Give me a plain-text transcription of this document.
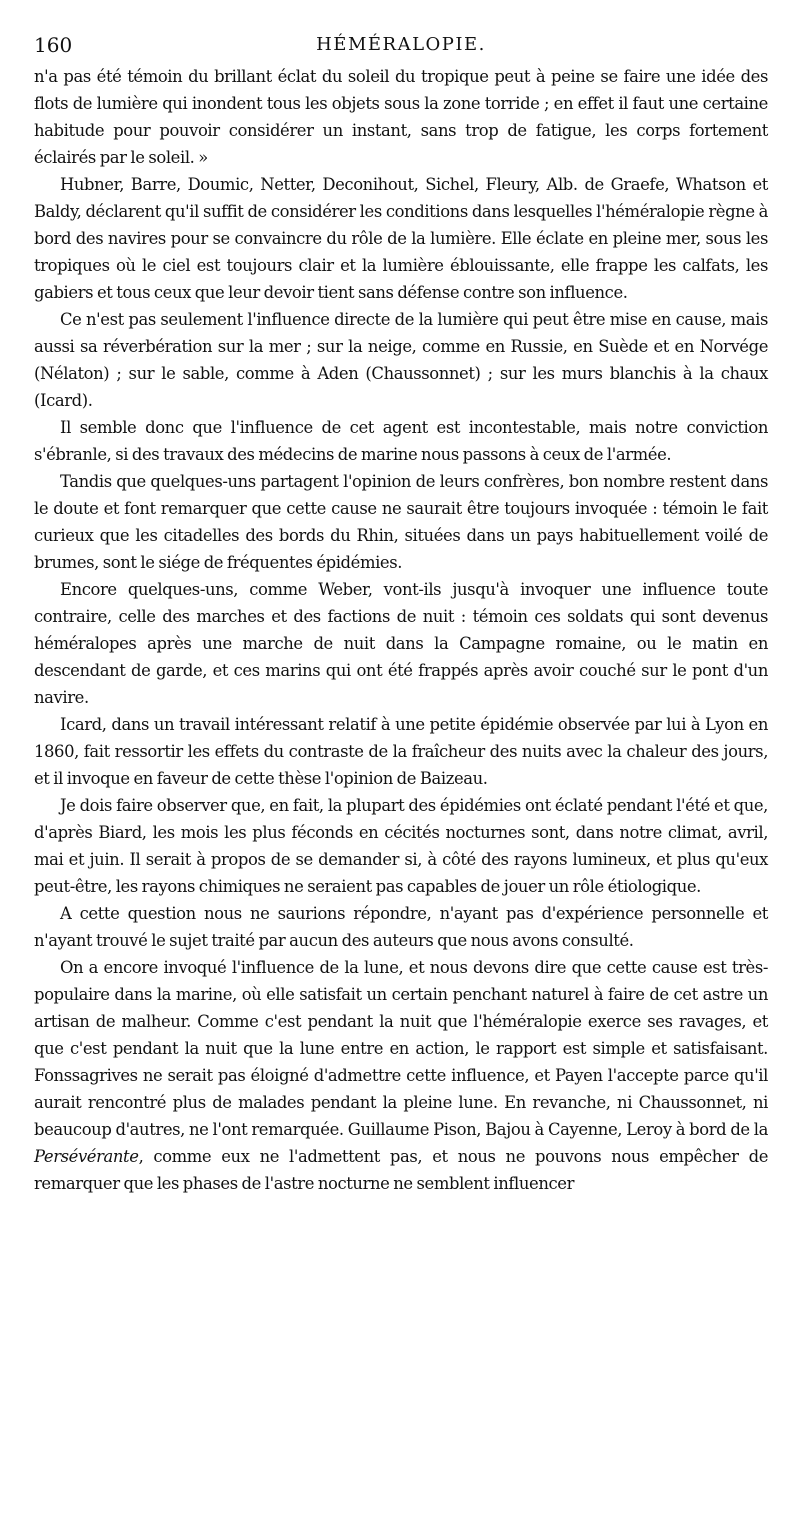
160	HÉMÉRALOPIE.

n'a pas été témoin du brillant éclat du soleil du tropique peut à peine se faire une idée des flots de lumière qui inondent tous les objets sous la zone torride ; en effet il faut une certaine habitude pour pouvoir considérer un instant, sans trop de fatigue, les corps fortement éclairés par le soleil. »

Hubner, Barre, Doumic, Netter, Deconihout, Sichel, Fleury, Alb. de Graefe, Whatson et Baldy, déclarent qu'il suffit de considérer les conditions dans lesquelles l'héméralopie règne à bord des navires pour se convaincre du rôle de la lumière. Elle éclate en pleine mer, sous les tropiques où le ciel est toujours clair et la lumière éblouissante, elle frappe les calfats, les gabiers et tous ceux que leur devoir tient sans défense contre son influence.

Ce n'est pas seulement l'influence directe de la lumière qui peut être mise en cause, mais aussi sa réverbération sur la mer ; sur la neige, comme en Russie, en Suède et en Norvége (Nélaton) ; sur le sable, comme à Aden (Chaussonnet) ; sur les murs blanchis à la chaux (Icard).

Il semble donc que l'influence de cet agent est incontestable, mais notre conviction s'ébranle, si des travaux des médecins de marine nous passons à ceux de l'armée.

Tandis que quelques-uns partagent l'opinion de leurs confrères, bon nombre restent dans le doute et font remarquer que cette cause ne saurait être toujours invoquée : témoin le fait curieux que les citadelles des bords du Rhin, situées dans un pays habituellement voilé de brumes, sont le siége de fréquentes épidémies.

Encore quelques-uns, comme Weber, vont-ils jusqu'à invoquer une influence toute contraire, celle des marches et des factions de nuit : témoin ces soldats qui sont devenus héméralopes après une marche de nuit dans la Campagne romaine, ou le matin en descendant de garde, et ces marins qui ont été frappés après avoir couché sur le pont d'un navire.

Icard, dans un travail intéressant relatif à une petite épidémie observée par lui à Lyon en 1860, fait ressortir les effets du contraste de la fraîcheur des nuits avec la chaleur des jours, et il invoque en faveur de cette thèse l'opinion de Baizeau.

Je dois faire observer que, en fait, la plupart des épidémies ont éclaté pendant l'été et que, d'après Biard, les mois les plus féconds en cécités nocturnes sont, dans notre climat, avril, mai et juin. Il serait à propos de se demander si, à côté des rayons lumineux, et plus qu'eux peut-être, les rayons chimiques ne seraient pas capables de jouer un rôle étiologique.

A cette question nous ne saurions répondre, n'ayant pas d'expérience personnelle et n'ayant trouvé le sujet traité par aucun des auteurs que nous avons consulté.

On a encore invoqué l'influence de la lune, et nous devons dire que cette cause est très-populaire dans la marine, où elle satisfait un certain penchant naturel à faire de cet astre un artisan de malheur. Comme c'est pendant la nuit que l'héméralopie exerce ses ravages, et que c'est pendant la nuit que la lune entre en action, le rapport est simple et satisfaisant. Fonssagrives ne serait pas éloigné d'admettre cette influence, et Payen l'accepte parce qu'il aurait rencontré plus de malades pendant la pleine lune. En revanche, ni Chaussonnet, ni beaucoup d'autres, ne l'ont remarquée. Guillaume Pison, Bajou à Cayenne, Leroy à bord de la Persévérante, comme eux ne l'admettent pas, et nous ne pouvons nous empêcher de remarquer que les phases de l'astre nocturne ne semblent influencer
